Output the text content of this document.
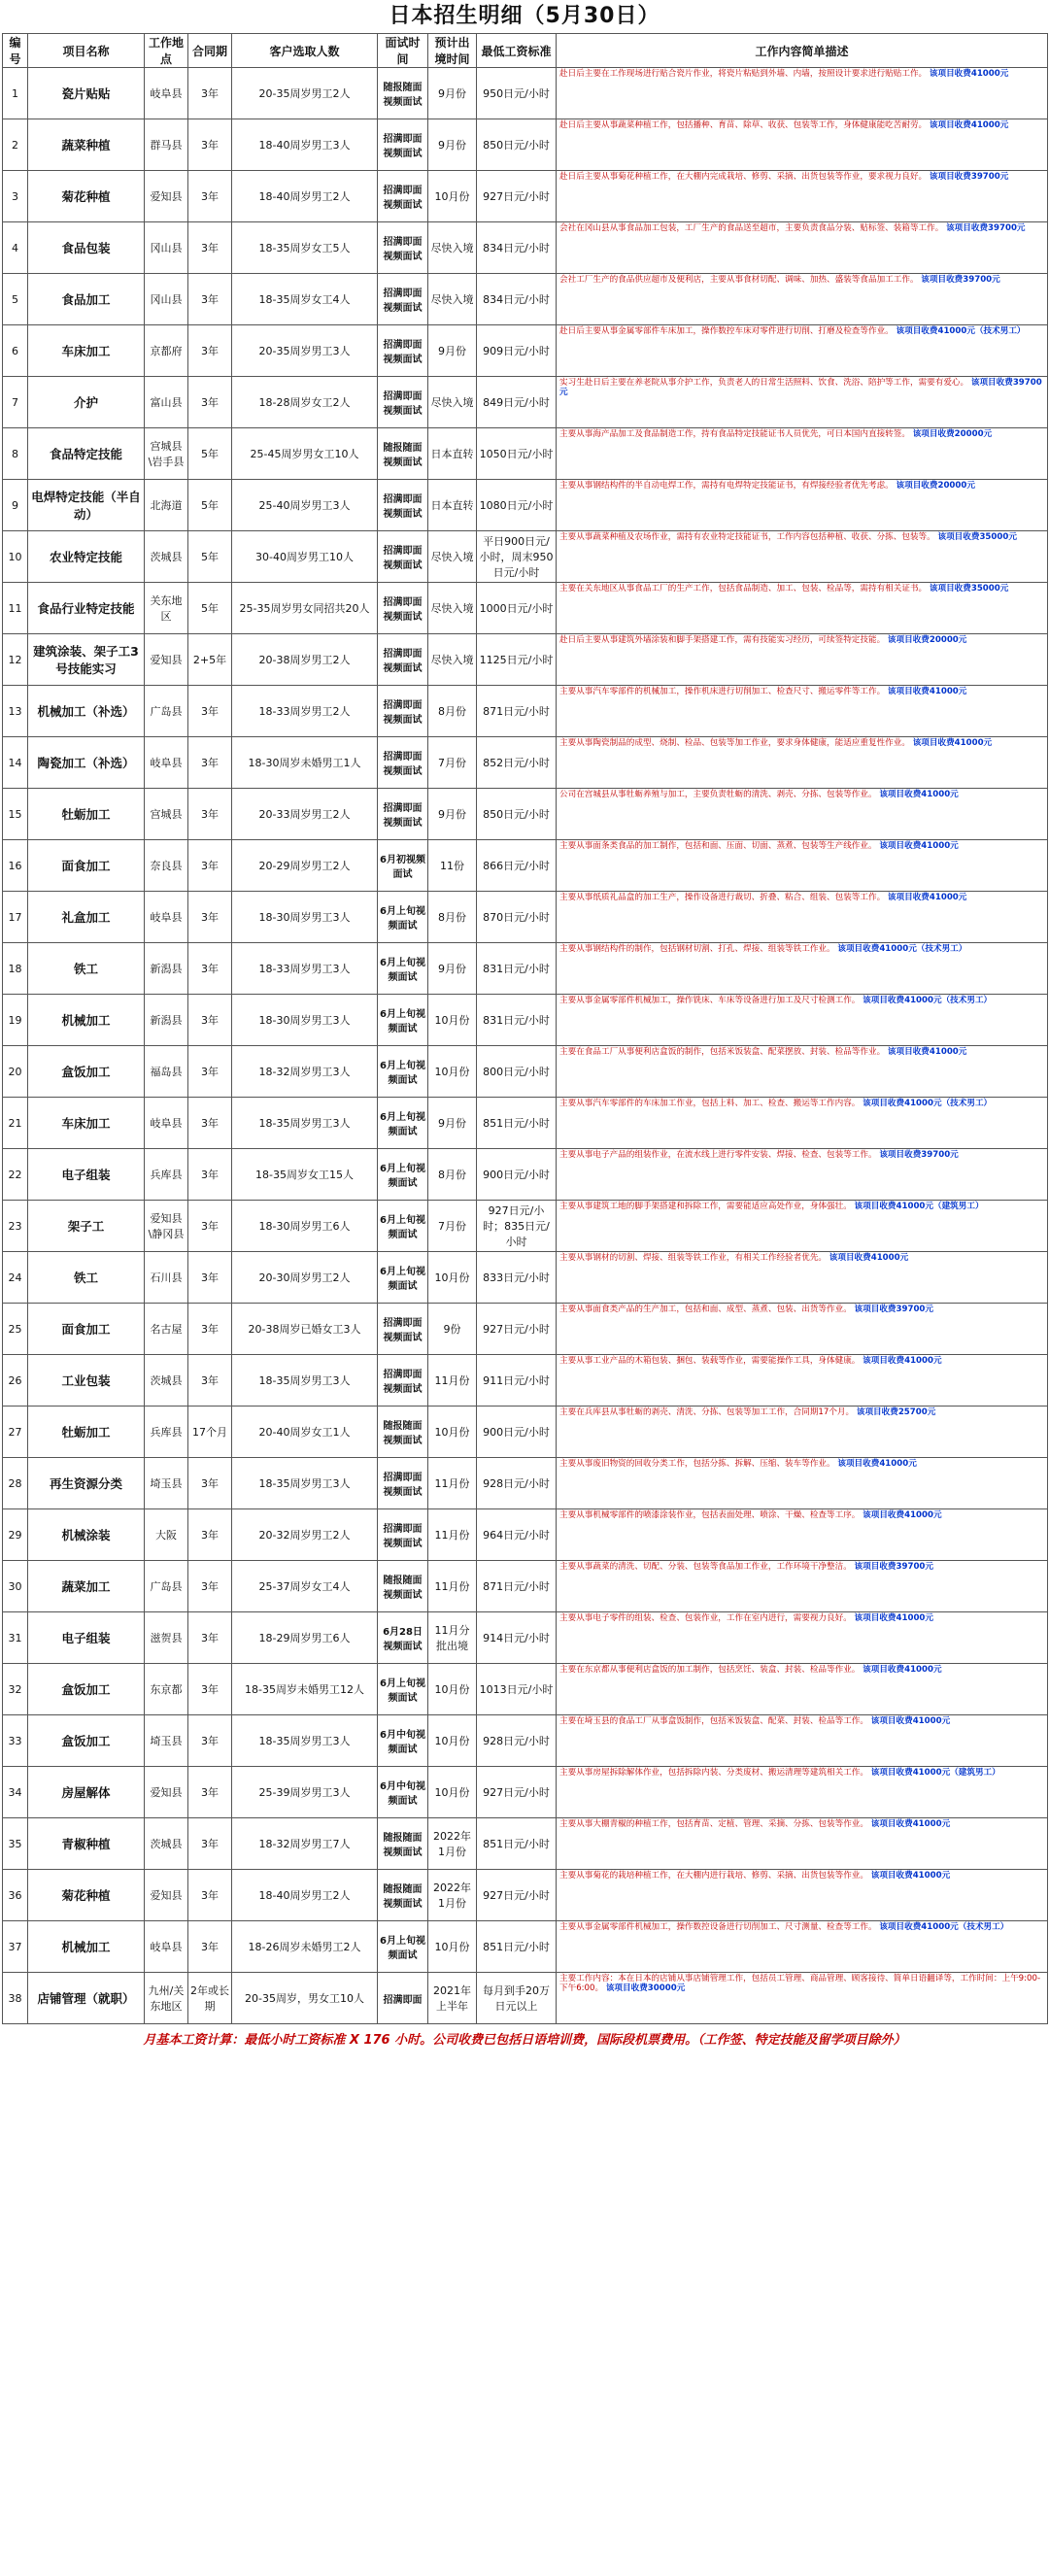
日本招生明细（5月30日）
编号	项目名称	工作地点	合同期	客户选取人数	面试时间	预计出境时间	最低工资标准	工作内容简单描述
1	瓷片贴贴	岐阜县	3年	20-35周岁男工2人	随报随面视频面试	9月份	950日元/小时	赴日后主要在工作现场进行贴合瓷片作业，将瓷片粘贴到外墙、内墙，按照设计要求进行贴贴工作。 该项目收费41000元
2	蔬菜种植	群马县	3年	18-40周岁男工3人	招满即面视频面试	9月份	850日元/小时	赴日后主要从事蔬菜种植工作，包括播种、育苗、除草、收获、包装等工作，身体健康能吃苦耐劳。 该项目收费41000元
3	菊花种植	爱知县	3年	18-40周岁男工2人	招满即面视频面试	10月份	927日元/小时	赴日后主要从事菊花种植工作，在大棚内完成栽培、修剪、采摘、出货包装等作业，要求视力良好。 该项目收费39700元
4	食品包装	冈山县	3年	18-35周岁女工5人	招满即面视频面试	尽快入境	834日元/小时	会社在冈山县从事食品加工包装，工厂生产的食品送至超市，主要负责食品分装、贴标签、装箱等工作。 该项目收费39700元
5	食品加工	冈山县	3年	18-35周岁女工4人	招满即面视频面试	尽快入境	834日元/小时	会社工厂生产的食品供应超市及便利店，主要从事食材切配、调味、加热、盛装等食品加工工作。 该项目收费39700元
6	车床加工	京都府	3年	20-35周岁男工3人	招满即面视频面试	9月份	909日元/小时	赴日后主要从事金属零部件车床加工，操作数控车床对零件进行切削、打磨及检查等作业。 该项目收费41000元（技术男工）
7	介护	富山县	3年	18-28周岁女工2人	招满即面视频面试	尽快入境	849日元/小时	实习生赴日后主要在养老院从事介护工作，负责老人的日常生活照料、饮食、洗浴、陪护等工作，需要有爱心。 该项目收费39700元
8	食品特定技能	宫城县\岩手县	5年	25-45周岁男女工10人	随报随面视频面试	日本直转	1050日元/小时	主要从事海产品加工及食品制造工作，持有食品特定技能证书人员优先，可日本国内直接转签。 该项目收费20000元
9	电焊特定技能（半自动）	北海道	5年	25-40周岁男工3人	招满即面视频面试	日本直转	1080日元/小时	主要从事钢结构件的半自动电焊工作，需持有电焊特定技能证书，有焊接经验者优先考虑。 该项目收费20000元
10	农业特定技能	茨城县	5年	30-40周岁男工10人	招满即面视频面试	尽快入境	平日900日元/小时，周末950日元/小时	主要从事蔬菜种植及农场作业，需持有农业特定技能证书，工作内容包括种植、收获、分拣、包装等。 该项目收费35000元
11	食品行业特定技能	关东地区	5年	25-35周岁男女同招共20人	招满即面视频面试	尽快入境	1000日元/小时	主要在关东地区从事食品工厂的生产工作，包括食品制造、加工、包装、检品等，需持有相关证书。 该项目收费35000元
12	建筑涂装、架子工3号技能实习	爱知县	2+5年	20-38周岁男工2人	招满即面视频面试	尽快入境	1125日元/小时	赴日后主要从事建筑外墙涂装和脚手架搭建工作，需有技能实习经历，可续签特定技能。 该项目收费20000元
13	机械加工（补选）	广岛县	3年	18-33周岁男工2人	招满即面视频面试	8月份	871日元/小时	主要从事汽车零部件的机械加工，操作机床进行切削加工、检查尺寸、搬运零件等工作。 该项目收费41000元
14	陶瓷加工（补选）	岐阜县	3年	18-30周岁未婚男工1人	招满即面视频面试	7月份	852日元/小时	主要从事陶瓷制品的成型、烧制、检品、包装等加工作业，要求身体健康，能适应重复性作业。 该项目收费41000元
15	牡蛎加工	宫城县	3年	20-33周岁男工2人	招满即面视频面试	9月份	850日元/小时	公司在宫城县从事牡蛎养殖与加工，主要负责牡蛎的清洗、剥壳、分拣、包装等作业。 该项目收费41000元
16	面食加工	奈良县	3年	20-29周岁男工2人	6月初视频面试	11份	866日元/小时	主要从事面条类食品的加工制作，包括和面、压面、切面、蒸煮、包装等生产线作业。 该项目收费41000元
17	礼盒加工	岐阜县	3年	18-30周岁男工3人	6月上旬视频面试	8月份	870日元/小时	主要从事纸质礼品盒的加工生产，操作设备进行裁切、折叠、粘合、组装、包装等工作。 该项目收费41000元
18	铁工	新潟县	3年	18-33周岁男工3人	6月上旬视频面试	9月份	831日元/小时	主要从事钢结构件的制作，包括钢材切割、打孔、焊接、组装等铁工作业。 该项目收费41000元（技术男工）
19	机械加工	新潟县	3年	18-30周岁男工3人	6月上旬视频面试	10月份	831日元/小时	主要从事金属零部件机械加工，操作铣床、车床等设备进行加工及尺寸检测工作。 该项目收费41000元（技术男工）
20	盒饭加工	福岛县	3年	18-32周岁男工3人	6月上旬视频面试	10月份	800日元/小时	主要在食品工厂从事便利店盒饭的制作，包括米饭装盒、配菜摆放、封装、检品等作业。 该项目收费41000元
21	车床加工	岐阜县	3年	18-35周岁男工3人	6月上旬视频面试	9月份	851日元/小时	主要从事汽车零部件的车床加工作业，包括上料、加工、检查、搬运等工作内容。 该项目收费41000元（技术男工）
22	电子组装	兵库县	3年	18-35周岁女工15人	6月上旬视频面试	8月份	900日元/小时	主要从事电子产品的组装作业，在流水线上进行零件安装、焊接、检查、包装等工作。 该项目收费39700元
23	架子工	爱知县\静冈县	3年	18-30周岁男工6人	6月上旬视频面试	7月份	927日元/小时；835日元/小时	主要从事建筑工地的脚手架搭建和拆除工作，需要能适应高处作业，身体强壮。 该项目收费41000元（建筑男工）
24	铁工	石川县	3年	20-30周岁男工2人	6月上旬视频面试	10月份	833日元/小时	主要从事钢材的切割、焊接、组装等铁工作业，有相关工作经验者优先。 该项目收费41000元
25	面食加工	名古屋	3年	20-38周岁已婚女工3人	招满即面视频面试	9份	927日元/小时	主要从事面食类产品的生产加工，包括和面、成型、蒸煮、包装、出货等作业。 该项目收费39700元
26	工业包装	茨城县	3年	18-35周岁男工3人	招满即面视频面试	11月份	911日元/小时	主要从事工业产品的木箱包装、捆包、装载等作业，需要能操作工具，身体健康。 该项目收费41000元
27	牡蛎加工	兵库县	17个月	20-40周岁女工1人	随报随面视频面试	10月份	900日元/小时	主要在兵库县从事牡蛎的剥壳、清洗、分拣、包装等加工工作，合同期17个月。 该项目收费25700元
28	再生资源分类	埼玉县	3年	18-35周岁男工3人	招满即面视频面试	11月份	928日元/小时	主要从事废旧物资的回收分类工作，包括分拣、拆解、压缩、装车等作业。 该项目收费41000元
29	机械涂装	大阪	3年	20-32周岁男工2人	招满即面视频面试	11月份	964日元/小时	主要从事机械零部件的喷漆涂装作业，包括表面处理、喷涂、干燥、检查等工序。 该项目收费41000元
30	蔬菜加工	广岛县	3年	25-37周岁女工4人	随报随面视频面试	11月份	871日元/小时	主要从事蔬菜的清洗、切配、分装、包装等食品加工作业，工作环境干净整洁。 该项目收费39700元
31	电子组装	滋贺县	3年	18-29周岁男工6人	6月28日视频面试	11月分批出境	914日元/小时	主要从事电子零件的组装、检查、包装作业，工作在室内进行，需要视力良好。 该项目收费41000元
32	盒饭加工	东京都	3年	18-35周岁未婚男工12人	6月上旬视频面试	10月份	1013日元/小时	主要在东京都从事便利店盒饭的加工制作，包括烹饪、装盒、封装、检品等作业。 该项目收费41000元
33	盒饭加工	埼玉县	3年	18-35周岁男工3人	6月中旬视频面试	10月份	928日元/小时	主要在埼玉县的食品工厂从事盒饭制作，包括米饭装盒、配菜、封装、检品等工作。 该项目收费41000元
34	房屋解体	爱知县	3年	25-39周岁男工3人	6月中旬视频面试	10月份	927日元/小时	主要从事房屋拆除解体作业，包括拆除内装、分类废材、搬运清理等建筑相关工作。 该项目收费41000元（建筑男工）
35	青椒种植	茨城县	3年	18-32周岁男工7人	随报随面视频面试	2022年1月份	851日元/小时	主要从事大棚青椒的种植工作，包括育苗、定植、管理、采摘、分拣、包装等作业。 该项目收费41000元
36	菊花种植	爱知县	3年	18-40周岁男工2人	随报随面视频面试	2022年1月份	927日元/小时	主要从事菊花的栽培种植工作，在大棚内进行栽培、修剪、采摘、出货包装等作业。 该项目收费41000元
37	机械加工	岐阜县	3年	18-26周岁未婚男工2人	6月上旬视频面试	10月份	851日元/小时	主要从事金属零部件机械加工，操作数控设备进行切削加工、尺寸测量、检查等工作。 该项目收费41000元（技术男工）
38	店铺管理（就职）	九州/关东地区	2年或长期	20-35周岁，男女工10人	招满即面	2021年上半年	每月到手20万日元以上	主要工作内容：本在日本的店铺从事店铺管理工作，包括员工管理、商品管理、顾客接待、简单日语翻译等，工作时间：上午9:00-下午6:00。 该项目收费30000元
月基本工资计算：最低小时工资标准 X 176 小时。公司收费已包括日语培训费，国际段机票费用。（工作签、特定技能及留学项目除外）
